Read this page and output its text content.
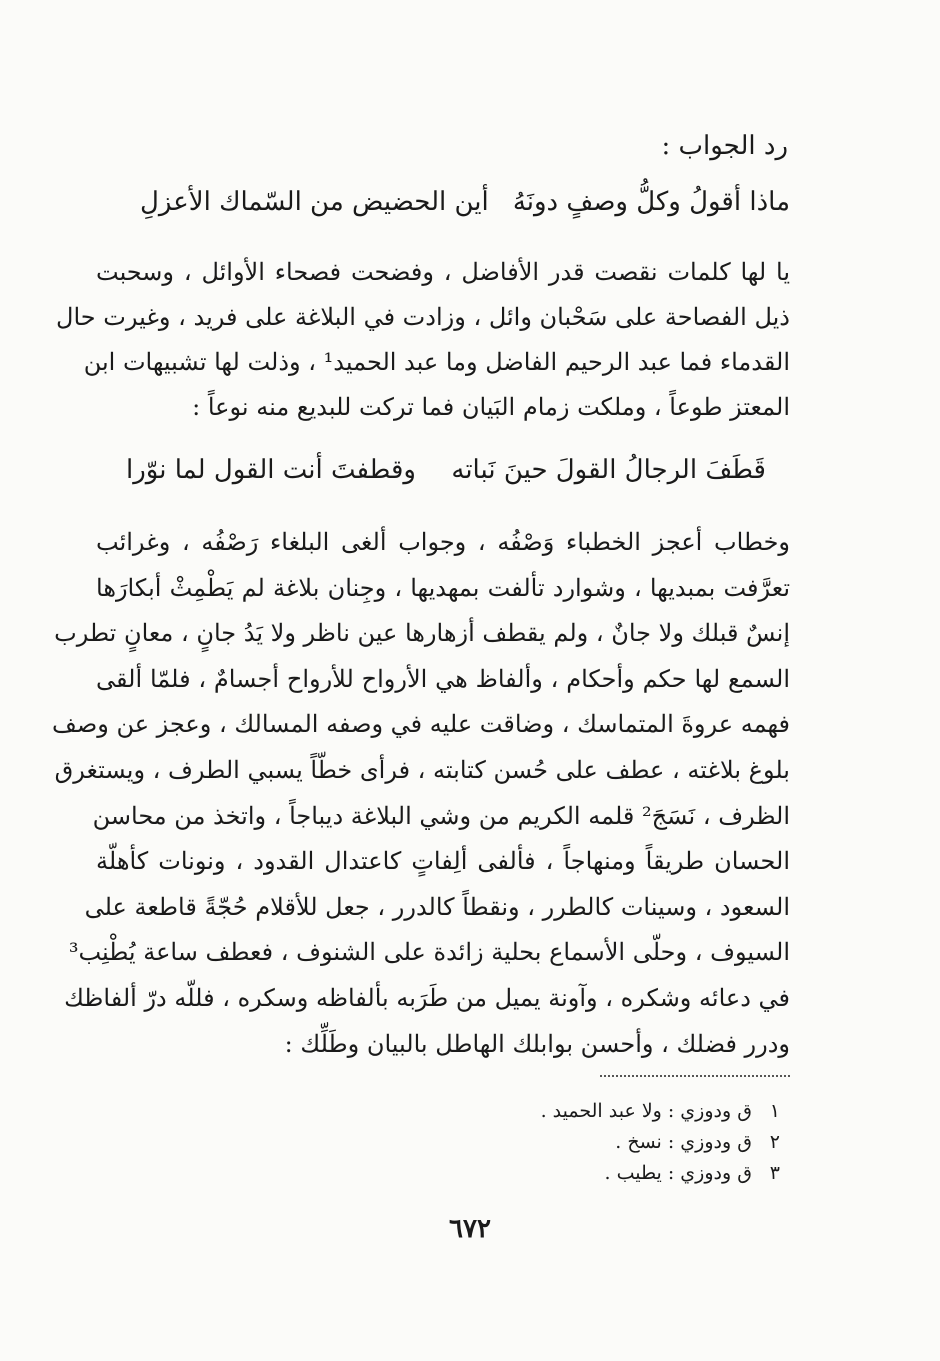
رد الجواب :
ماذا أقولُ وكلُّ وصفٍ دونَهُ
أين الحضيض من السّماك الأعزلِ
يا لها كلمات نقصت قدر الأفاضل ، وفضحت فصحاء الأوائل ، وسحبت
ذيل الفصاحة على سَحْبان وائل ، وزادت في البلاغة على فريد ، وغيرت حال
القدماء فما عبد الرحيم الفاضل وما عبد الحميد¹ ، وذلت لها تشبيهات ابن
المعتز طوعاً ، وملكت زمام البَيان فما تركت للبديع منه نوعاً :
قَطَفَ الرجالُ القولَ حينَ نَباته
وقطفتَ أنت القول لما نوّرا
وخطاب أعجز الخطباء وَصْفُه ، وجواب ألغى البلغاء رَصْفُه ، وغرائب
تعرَّفت بمبديها ، وشوارد تألفت بمهديها ، وجِنان بلاغة لم يَطْمِثْ أبكارَها
إنسٌ قبلك ولا جانٌ ، ولم يقطف أزهارها عين ناظر ولا يَدُ جانٍ ، معانٍ تطرب
السمع لها حكم وأحكام ، وألفاظ هي الأرواح للأرواح أجسامٌ ، فلمّا ألقى
فهمه عروةَ المتماسك ، وضاقت عليه في وصفه المسالك ، وعجز عن وصف
بلوغ بلاغته ، عطف على حُسن كتابته ، فرأى خطّاً يسبي الطرف ، ويستغرق
الظرف ، نَسَجَ² قلمه الكريم من وشي البلاغة ديباجاً ، واتخذ من محاسن
الحسان طريقاً ومنهاجاً ، فألفى ألِفاتٍ كاعتدال القدود ، ونونات كأهلّة
السعود ، وسينات كالطرر ، ونقطاً كالدرر ، جعل للأقلام حُجّةً قاطعة على
السيوف ، وحلّى الأسماع بحلية زائدة على الشنوف ، فعطف ساعة يُطْنِب³
في دعائه وشكره ، وآونة يميل من طَرَبه بألفاظه وسكره ، فللّه درّ ألفاظك
ودرر فضلك ، وأحسن بوابلك الهاطل بالبيان وطَلِّك :
١ ق ودوزي : ولا عبد الحميد .
٢ ق ودوزي : نسخ .
٣ ق ودوزي : يطيب .
٦٧٢
